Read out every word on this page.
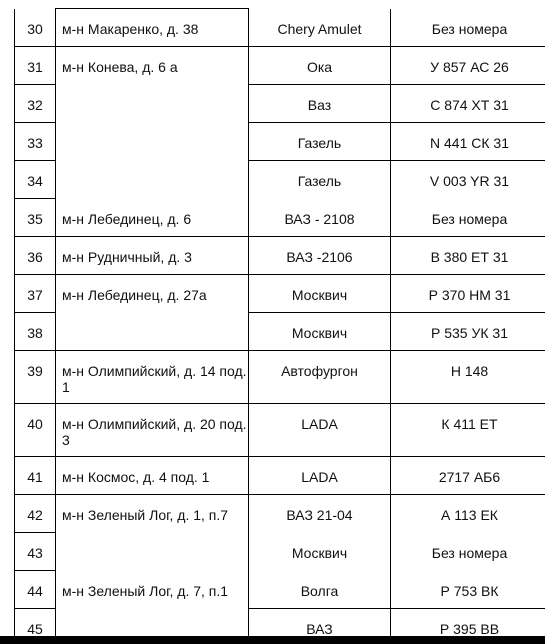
30	м-н Макаренко, д. 38	Chery Amulet	Без номера

31	м-н Конева, д. 6 а	Ока	У 857 АС 26

32		Ваз	С 874 ХТ 31

33		Газель	N 441 СК 31

34		Газель	V 003 YR 31

35	м-н Лебединец, д. 6	ВАЗ - 2108	Без номера

36	м-н Рудничный, д. 3	ВАЗ -2106	В 380 ЕТ 31

37	м-н Лебединец, д. 27а	Москвич	Р 370 НМ 31

38		Москвич	Р 535 УК 31

39	м-н Олимпийский, д. 14 под. 1	Автофургон	Н 148

40	м-н Олимпийский, д. 20 под. 3	LADA	К 411 ЕТ

41	м-н Космос, д. 4 под. 1	LADA	2717 АБ6

42	м-н Зеленый Лог, д. 1, п.7	ВАЗ 21-04	А 113 ЕК

43		Москвич	Без номера

44	м-н Зеленый Лог, д. 7, п.1	Волга	Р 753 ВК

45		ВАЗ	Р 395 ВВ
